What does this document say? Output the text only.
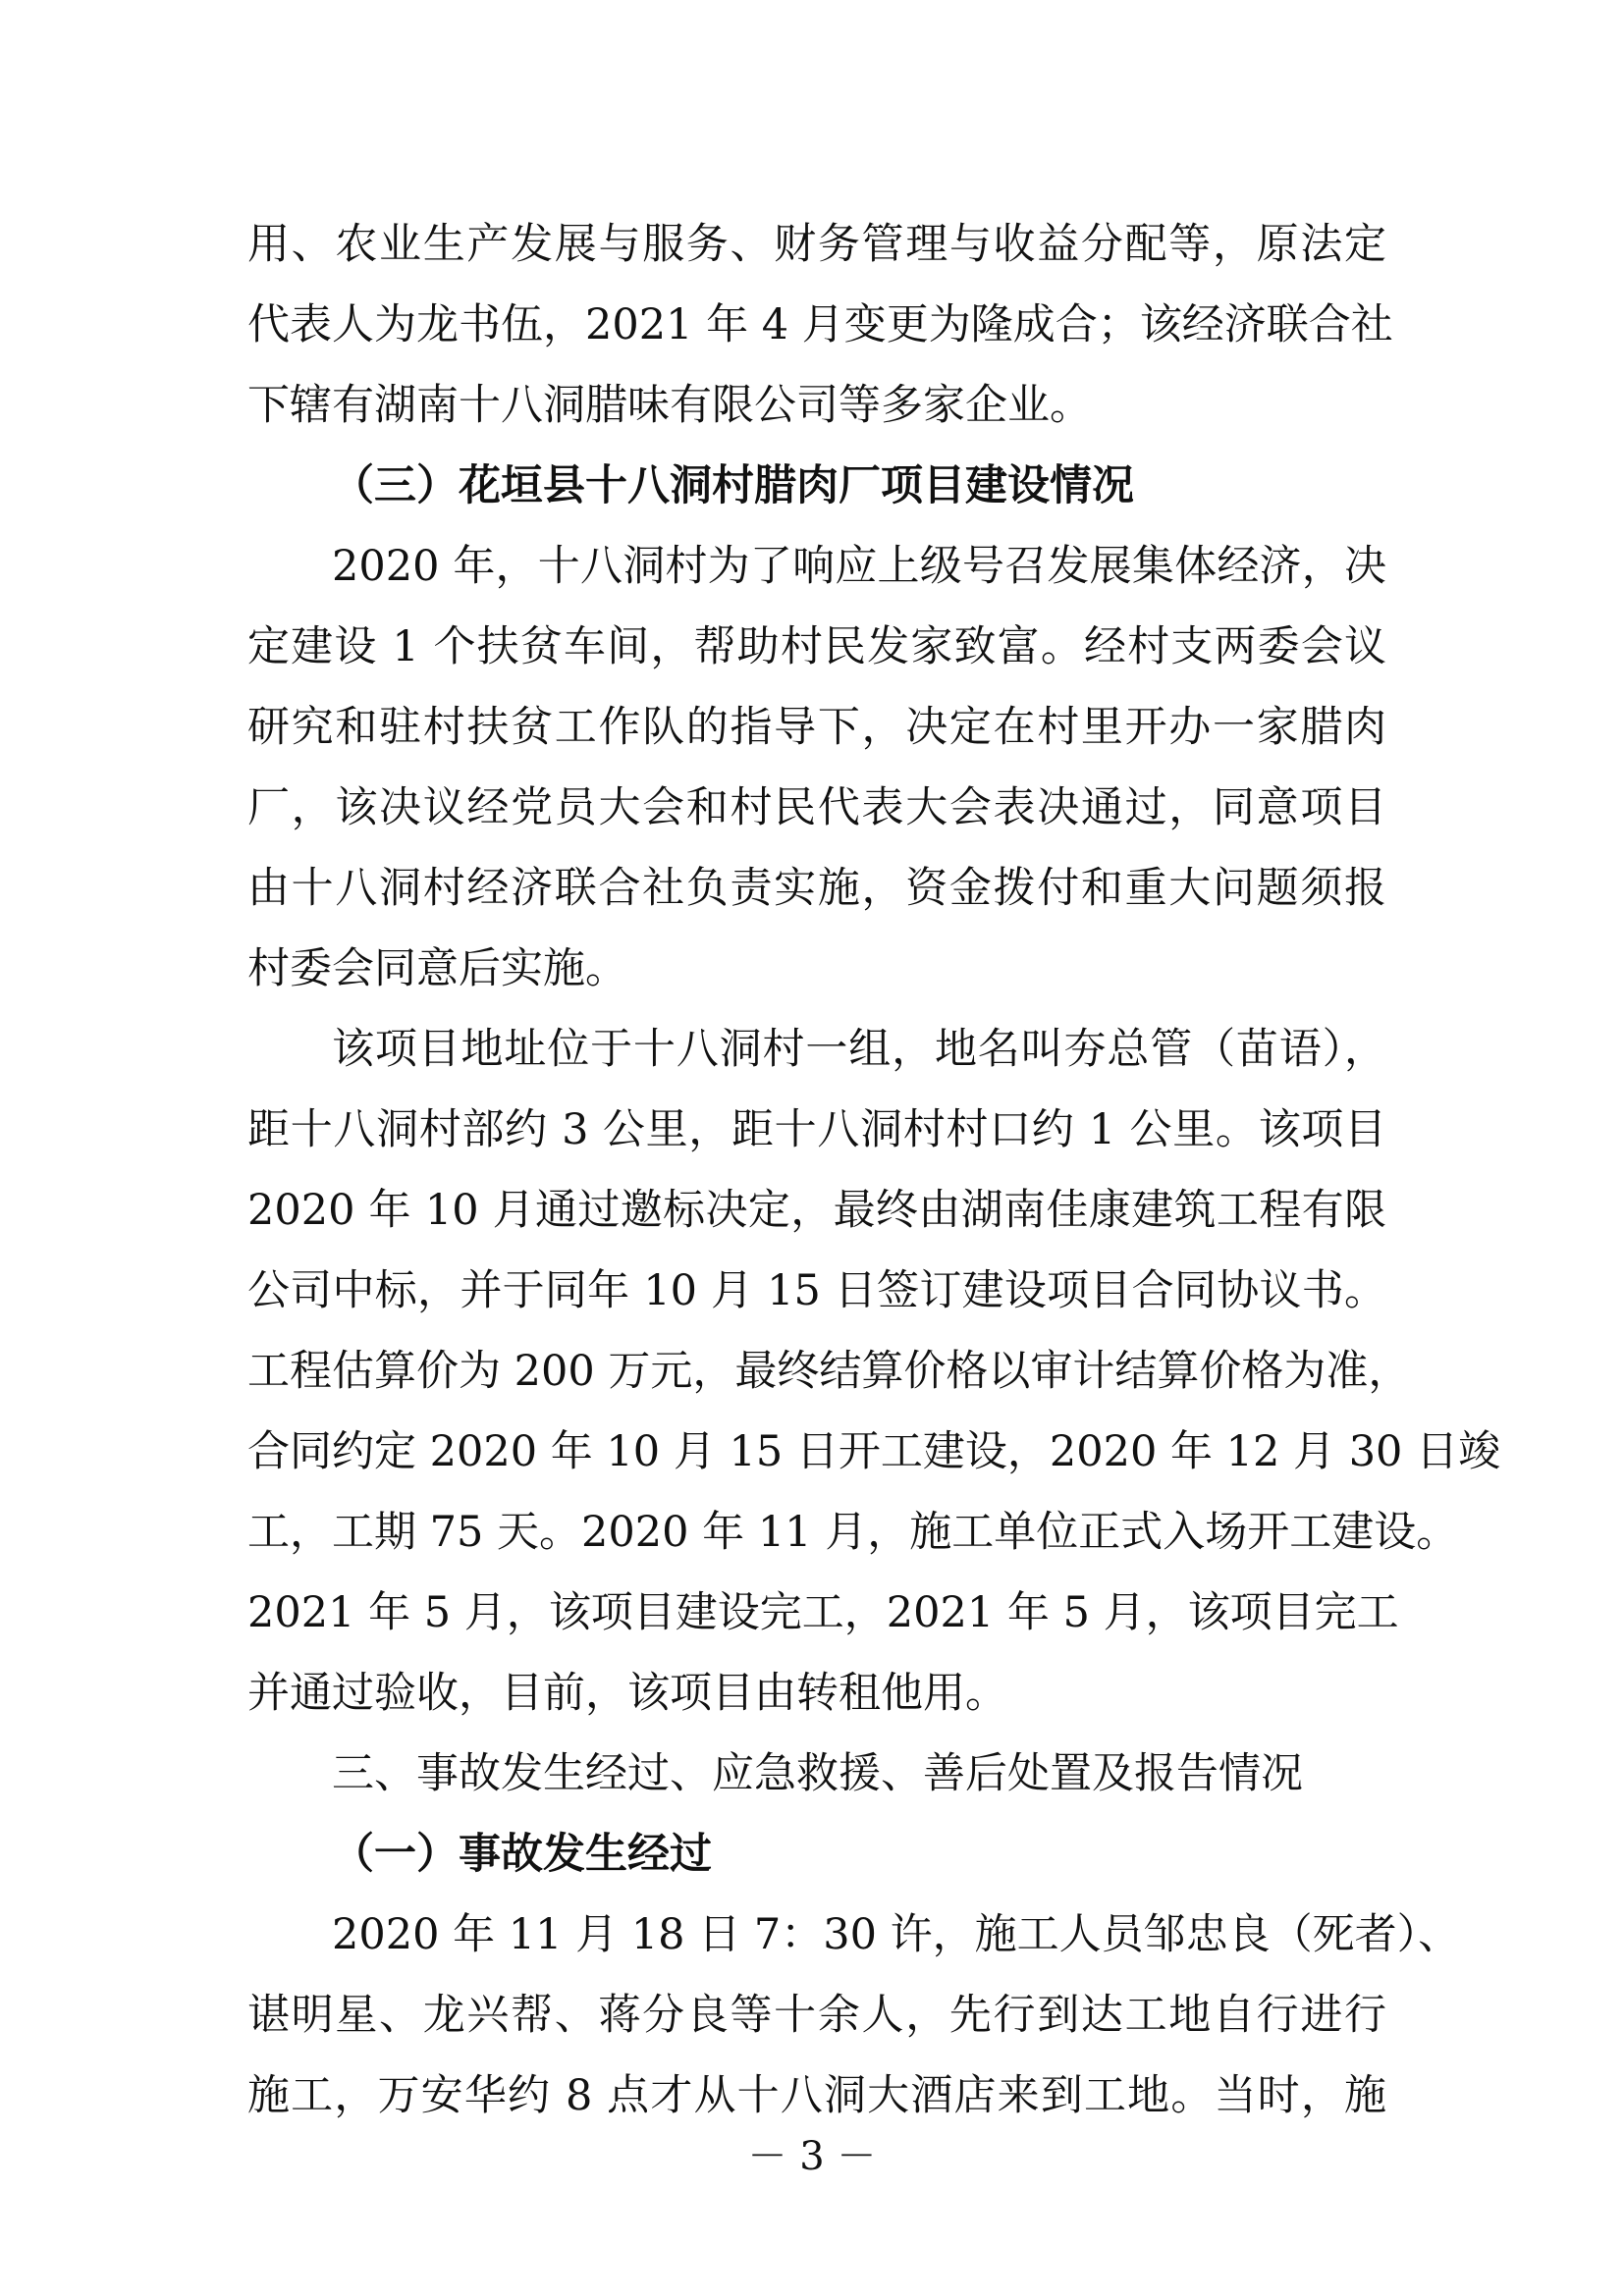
用、农业生产发展与服务、财务管理与收益分配等，原法定
代表人为龙书伍，2021 年 4 月变更为隆成合；该经济联合社
下辖有湖南十八洞腊味有限公司等多家企业。
（三）花垣县十八洞村腊肉厂项目建设情况
2020 年，十八洞村为了响应上级号召发展集体经济，决
定建设 1 个扶贫车间，帮助村民发家致富。经村支两委会议
研究和驻村扶贫工作队的指导下，决定在村里开办一家腊肉
厂，该决议经党员大会和村民代表大会表决通过，同意项目
由十八洞村经济联合社负责实施，资金拨付和重大问题须报
村委会同意后实施。
该项目地址位于十八洞村一组，地名叫夯总管（苗语），
距十八洞村部约 3 公里，距十八洞村村口约 1 公里。该项目
2020 年 10 月通过邀标决定，最终由湖南佳康建筑工程有限
公司中标，并于同年 10 月 15 日签订建设项目合同协议书。
工程估算价为 200 万元，最终结算价格以审计结算价格为准，
合同约定 2020 年 10 月 15 日开工建设，2020 年 12 月 30 日竣
工，工期 75 天。2020 年 11 月，施工单位正式入场开工建设。
2021 年 5 月，该项目建设完工，2021 年 5 月，该项目完工
并通过验收，目前，该项目由转租他用。
三、事故发生经过、应急救援、善后处置及报告情况
（一）事故发生经过
2020 年 11 月 18 日 7：30 许，施工人员邹忠良（死者）、
谌明星、龙兴帮、蒋分良等十余人，先行到达工地自行进行
施工，万安华约 8 点才从十八洞大酒店来到工地。当时，施
－ 3 －
